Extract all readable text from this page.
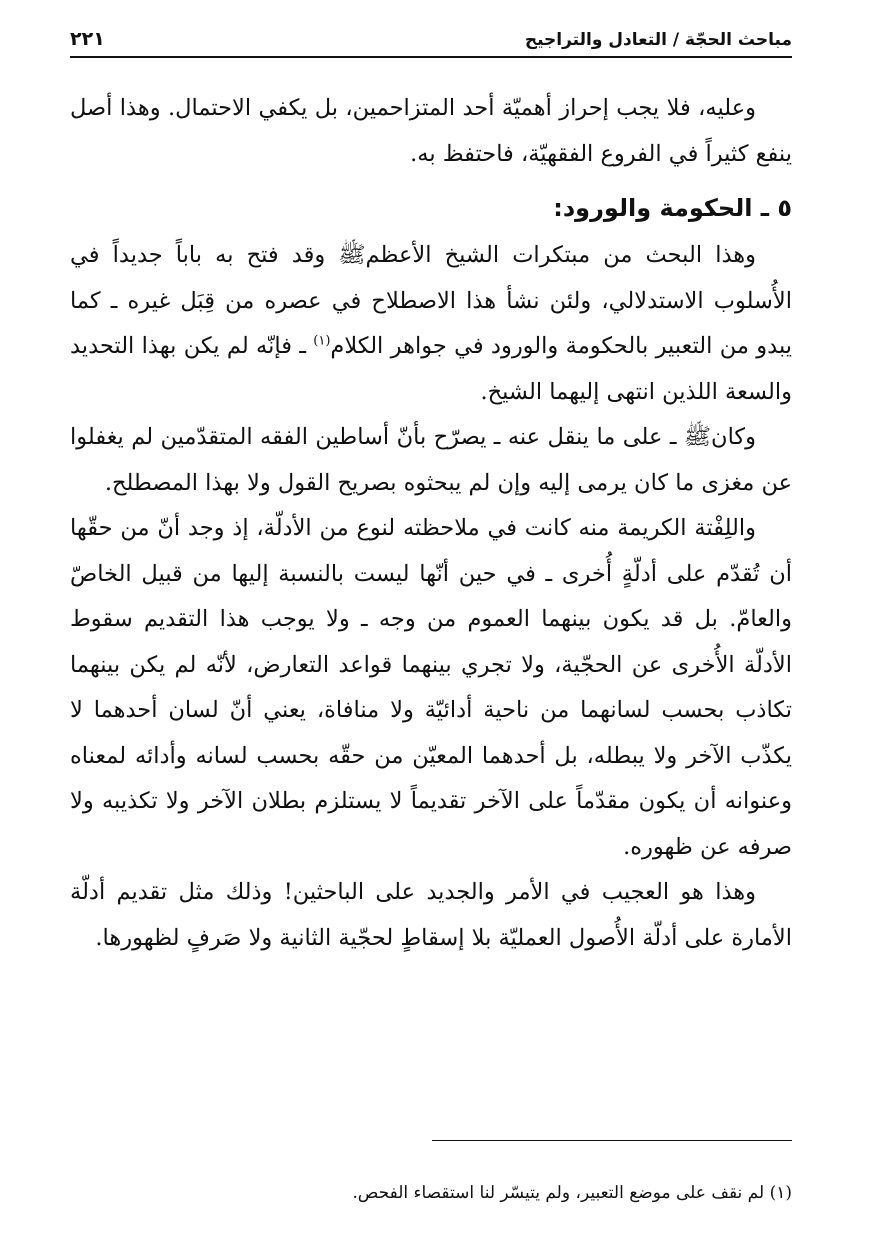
مباحث الحجّة / التعادل والتراجيح
٢٢١

وعليه، فلا يجب إحراز أهميّة أحد المتزاحمين، بل يكفي الاحتمال. وهذا أصل ينفع كثيراً في الفروع الفقهيّة، فاحتفظ به.

٥ ـ الحكومة والورود:

وهذا البحث من مبتكرات الشيخ الأعظمﷺ وقد فتح به باباً جديداً في الأُسلوب الاستدلالي، ولئن نشأ هذا الاصطلاح في عصره من قِبَل غيره ـ كما يبدو من التعبير بالحكومة والورود في جواهر الكلام$^{(١)}$ ـ فإنّه لم يكن بهذا التحديد والسعة اللذين انتهى إليهما الشيخ.

وكانﷺ ـ على ما ينقل عنه ـ يصرّح بأنّ أساطين الفقه المتقدّمين لم يغفلوا عن مغزى ما كان يرمى إليه وإن لم يبحثوه بصريح القول ولا بهذا المصطلح.

واللِفْتة الكريمة منه كانت في ملاحظته لنوع من الأدلّة، إذ وجد أنّ من حقّها أن تُقدّم على أدلّةٍ أُخرى ـ في حين أنّها ليست بالنسبة إليها من قبيل الخاصّ والعامّ. بل قد يكون بينهما العموم من وجه ـ ولا يوجب هذا التقديم سقوط الأدلّة الأُخرى عن الحجّية، ولا تجري بينهما قواعد التعارض، لأنّه لم يكن بينهما تكاذب بحسب لسانهما من ناحية أدائيّة ولا منافاة، يعني أنّ لسان أحدهما لا يكذّب الآخر ولا يبطله، بل أحدهما المعيّن من حقّه بحسب لسانه وأدائه لمعناه وعنوانه أن يكون مقدّماً على الآخر تقديماً لا يستلزم بطلان الآخر ولا تكذيبه ولا صرفه عن ظهوره.

وهذا هو العجيب في الأمر والجديد على الباحثين! وذلك مثل تقديم أدلّة الأمارة على أدلّة الأُصول العمليّة بلا إسقاطٍ لحجّية الثانية ولا صَرفٍ لظهورها.

(١) لم نقف على موضع التعبير، ولم يتيسّر لنا استقصاء الفحص.
